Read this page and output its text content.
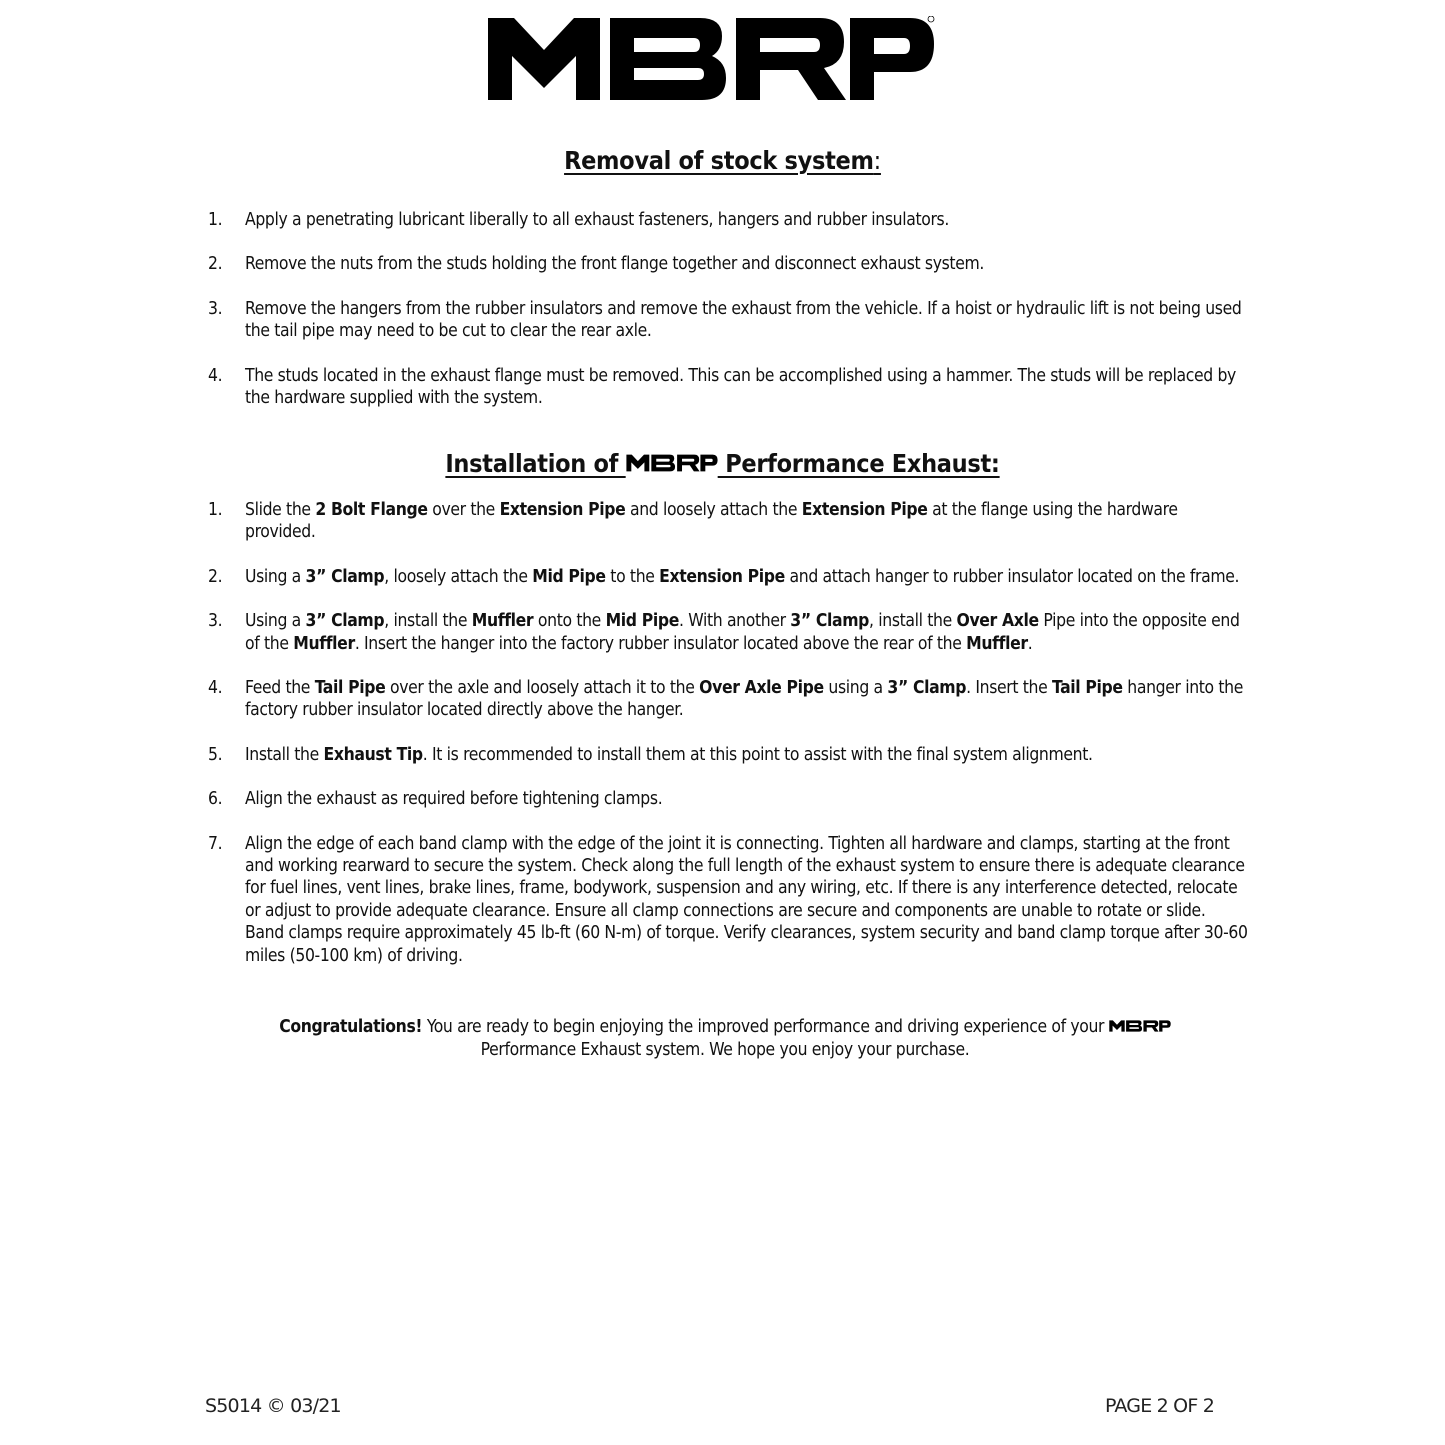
Removal of stock system:
1. Apply a penetrating lubricant liberally to all exhaust fasteners, hangers and rubber insulators.
2. Remove the nuts from the studs holding the front flange together and disconnect exhaust system.
3. Remove the hangers from the rubber insulators and remove the exhaust from the vehicle. If a hoist or hydraulic lift is not being used the tail pipe may need to be cut to clear the rear axle.
4. The studs located in the exhaust flange must be removed. This can be accomplished using a hammer. The studs will be replaced by the hardware supplied with the system.
Installation of	Performance Exhaust:
1. Slide the 2 Bolt Flange over the Extension Pipe and loosely attach the Extension Pipe at the flange using the hardware provided.
2. Using a 3” Clamp, loosely attach the Mid Pipe to the Extension Pipe and attach hanger to rubber insulator located on the frame.
3. Using a 3” Clamp, install the Muffler onto the Mid Pipe. With another 3” Clamp, install the Over Axle Pipe into the opposite end of the Muffler. Insert the hanger into the factory rubber insulator located above the rear of the Muffler.
4. Feed the Tail Pipe over the axle and loosely attach it to the Over Axle Pipe using a 3” Clamp. Insert the Tail Pipe hanger into the factory rubber insulator located directly above the hanger.
5. Install the Exhaust Tip. It is recommended to install them at this point to assist with the final system alignment.
6. Align the exhaust as required before tightening clamps.
7. Align the edge of each band clamp with the edge of the joint it is connecting. Tighten all hardware and clamps, starting at the front and working rearward to secure the system. Check along the full length of the exhaust system to ensure there is adequate clearance for fuel lines, vent lines, brake lines, frame, bodywork, suspension and any wiring, etc. If there is any interference detected, relocate or adjust to provide adequate clearance. Ensure all clamp connections are secure and components are unable to rotate or slide. Band clamps require approximately 45 lb-ft (60 N-m) of torque. Verify clearances, system security and band clamp torque after 30-60 miles (50-100 km) of driving.
Congratulations! You are ready to begin enjoying the improved performance and driving experience of your
Performance Exhaust system. We hope you enjoy your purchase.
S5014 © 03/21	PAGE 2 OF 2
